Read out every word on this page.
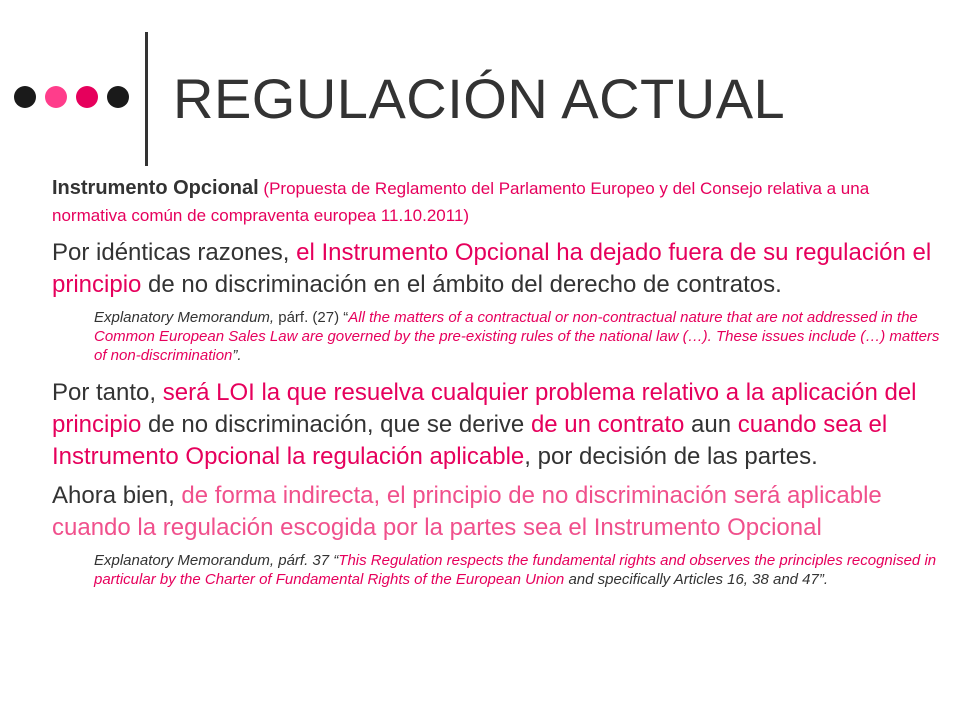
REGULACIÓN ACTUAL

Instrumento Opcional (Propuesta de Reglamento del Parlamento Europeo y del Consejo relativa a una normativa común de compraventa europea 11.10.2011)

Por idénticas razones, el Instrumento Opcional ha dejado fuera de su regulación el principio de no discriminación en el ámbito del derecho de contratos.

Explanatory Memorandum, párf. (27) “All the matters of a contractual or non-contractual nature that are not addressed in the Common European Sales Law are governed by the pre-existing rules of the national law (…). These issues include (…) matters of non-discrimination”.

Por tanto, será LOI la que resuelva cualquier problema relativo a la aplicación del principio de no discriminación, que se derive de un contrato aun cuando sea el Instrumento Opcional la regulación aplicable, por decisión de las partes.

Ahora bien, de forma indirecta, el principio de no discriminación será aplicable cuando la regulación escogida por la partes sea el Instrumento Opcional

Explanatory Memorandum, párf. 37 “This Regulation respects the fundamental rights and observes the principles recognised in particular by the Charter of Fundamental Rights of the European Union and specifically Articles 16, 38 and 47”.
